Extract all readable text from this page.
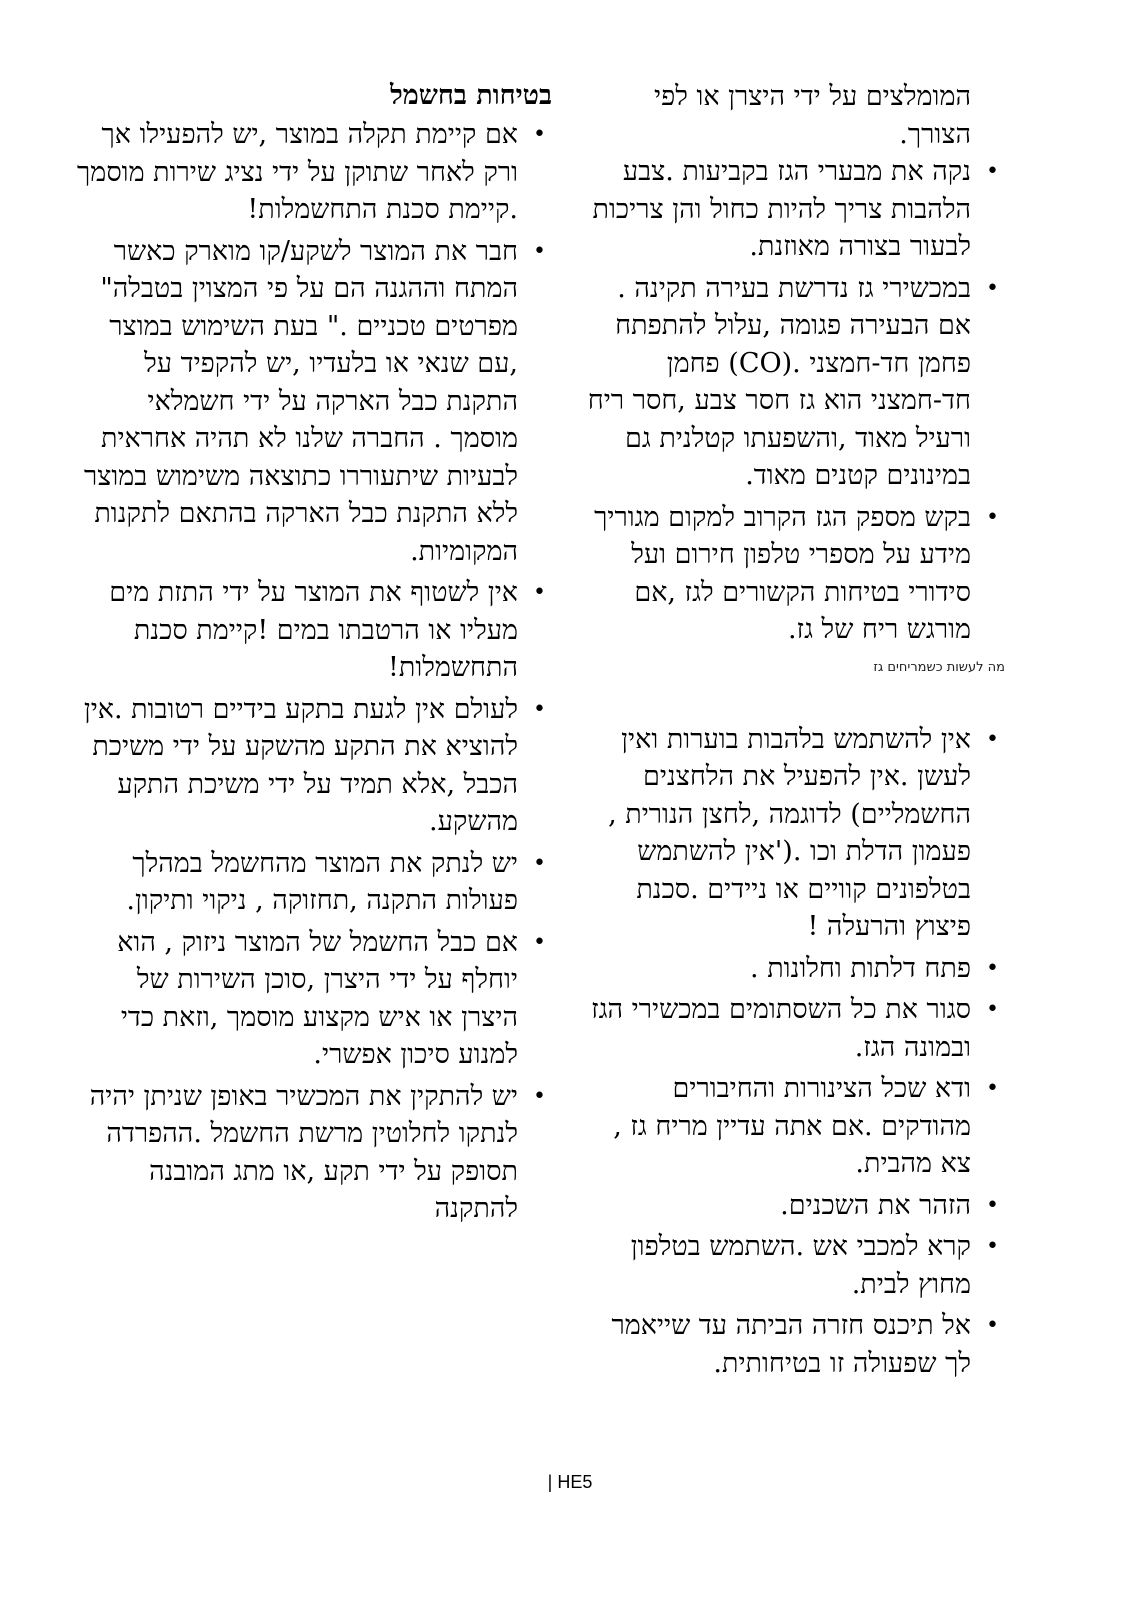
המומלצים על ידי היצרן או לפי

הצורך.

•
נקה את מבערי הגז בקביעות .צבע הלהבות צריך להיות כחול והן צריכות לבעור בצורה מאוזנת.
•
במכשירי גז נדרשת בעירה תקינה . אם הבעירה פגומה ,עלול להתפתח פחמן חד-חמצני .(CO) פחמן חד-חמצני הוא גז חסר צבע ,חסר ריח ורעיל מאוד ,והשפעתו קטלנית גם במינונים קטנים מאוד.
•
בקש מספק הגז הקרוב למקום מגוריך מידע על מספרי טלפון חירום ועל סידורי בטיחות הקשורים לגז ,אם מורגש ריח של גז.

מה לעשות כשמריחים גז

•
אין להשתמש בלהבות בוערות ואין לעשן .אין להפעיל את הלחצנים החשמליים) לדוגמה ,לחצן הנורית , פעמון הדלת וכו .('אין להשתמש בטלפונים קוויים או ניידים .סכנת פיצוץ והרעלה !
•
פתח דלתות וחלונות .
•
סגור את כל השסתומים במכשירי הגז ובמונה הגז.
•
ודא שכל הצינורות והחיבורים מהודקים .אם אתה עדיין מריח גז , צא מהבית.
•
הזהר את השכנים.
•
קרא למכבי אש .השתמש בטלפון מחוץ לבית.
•
אל תיכנס חזרה הביתה עד שייאמר לך שפעולה זו בטיחותית.
בטיחות בחשמל
•
אם קיימת תקלה במוצר ,יש להפעילו אך ורק לאחר שתוקן על ידי נציג שירות מוסמך .קיימת סכנת התחשמלות!
•
חבר את המוצר לשקע/קו מוארק כאשר המתח וההגנה הם על פי המצוין בטבלה" מפרטים טכניים ." בעת השימוש במוצר ,עם שנאי או בלעדיו ,יש להקפיד על התקנת כבל הארקה על ידי חשמלאי מוסמך . החברה שלנו לא תהיה אחראית לבעיות שיתעוררו כתוצאה משימוש במוצר ללא התקנת כבל הארקה בהתאם לתקנות המקומיות.
•
אין לשטוף את המוצר על ידי התזת מים מעליו או הרטבתו במים !קיימת סכנת התחשמלות!
•
לעולם אין לגעת בתקע בידיים רטובות .אין להוציא את התקע מהשקע על ידי משיכת הכבל ,אלא תמיד על ידי משיכת התקע מהשקע.
•
יש לנתק את המוצר מהחשמל במהלך פעולות התקנה ,תחזוקה , ניקוי ותיקון.
•
אם כבל החשמל של המוצר ניזוק , הוא יוחלף על ידי היצרן ,סוכן השירות של היצרן או איש מקצוע מוסמך ,וזאת כדי למנוע סיכון אפשרי.
•
יש להתקין את המכשיר באופן שניתן יהיה לנתקו לחלוטין מרשת החשמל .ההפרדה תסופק על ידי תקע ,או מתג המובנה להתקנה
| HE5
